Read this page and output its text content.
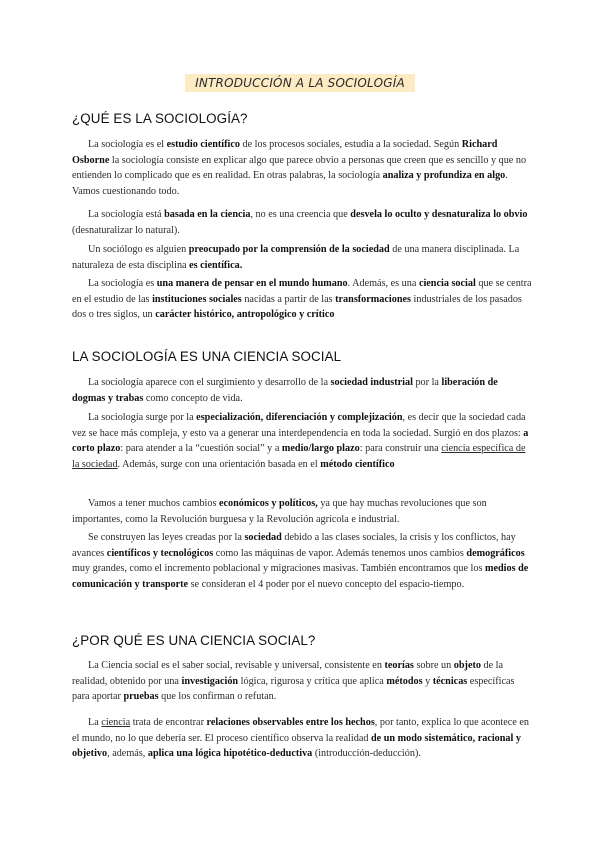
INTRODUCCIÓN A LA SOCIOLOGÍA
¿QUÉ ES LA SOCIOLOGÍA?

La sociología es el estudio científico de los procesos sociales, estudia a la sociedad. Según Richard Osborne la sociología consiste en explicar algo que parece obvio a personas que creen que es sencillo y que no entienden lo complicado que es en realidad. En otras palabras, la sociología analiza y profundiza en algo. Vamos cuestionando todo.

La sociología está basada en la ciencia, no es una creencia que desvela lo oculto y desnaturaliza lo obvio (desnaturalizar lo natural).

Un sociólogo es alguien preocupado por la comprensión de la sociedad de una manera disciplinada. La naturaleza de esta disciplina es científica.

La sociología es una manera de pensar en el mundo humano. Además, es una ciencia social que se centra en el estudio de las instituciones sociales nacidas a partir de las transformaciones industriales de los pasados dos o tres siglos, un carácter histórico, antropológico y crítico

LA SOCIOLOGÍA ES UNA CIENCIA SOCIAL

La sociología aparece con el surgimiento y desarrollo de la sociedad industrial por la liberación de dogmas y trabas como concepto de vida.

La sociología surge por la especialización, diferenciación y complejización, es decir que la sociedad cada vez se hace más compleja, y esto va a generar una interdependencia en toda la sociedad. Surgió en dos plazos: a corto plazo: para atender a la “cuestión social” y a medio/largo plazo: para construir una ciencia específica de la sociedad. Además, surge con una orientación basada en el método científico

Vamos a tener muchos cambios económicos y políticos, ya que hay muchas revoluciones que son importantes, como la Revolución burguesa y la Revolución agrícola e industrial.

Se construyen las leyes creadas por la sociedad debido a las clases sociales, la crisis y los conflictos, hay avances científicos y tecnológicos como las máquinas de vapor. Además tenemos unos cambios demográficos muy grandes, como el incremento poblacional y migraciones masivas. También encontramos que los medios de comunicación y transporte se consideran el 4 poder por el nuevo concepto del espacio-tiempo.

¿POR QUÉ ES UNA CIENCIA SOCIAL?

La Ciencia social es el saber social, revisable y universal, consistente en teorías sobre un objeto de la realidad, obtenido por una investigación lógica, rigurosa y crítica que aplica métodos y técnicas específicas para aportar pruebas que los confirman o refutan.

La ciencia trata de encontrar relaciones observables entre los hechos, por tanto, explica lo que acontece en el mundo, no lo que debería ser. El proceso científico observa la realidad de un modo sistemático, racional y objetivo, además, aplica una lógica hipotético-deductiva (introducción-deducción).
